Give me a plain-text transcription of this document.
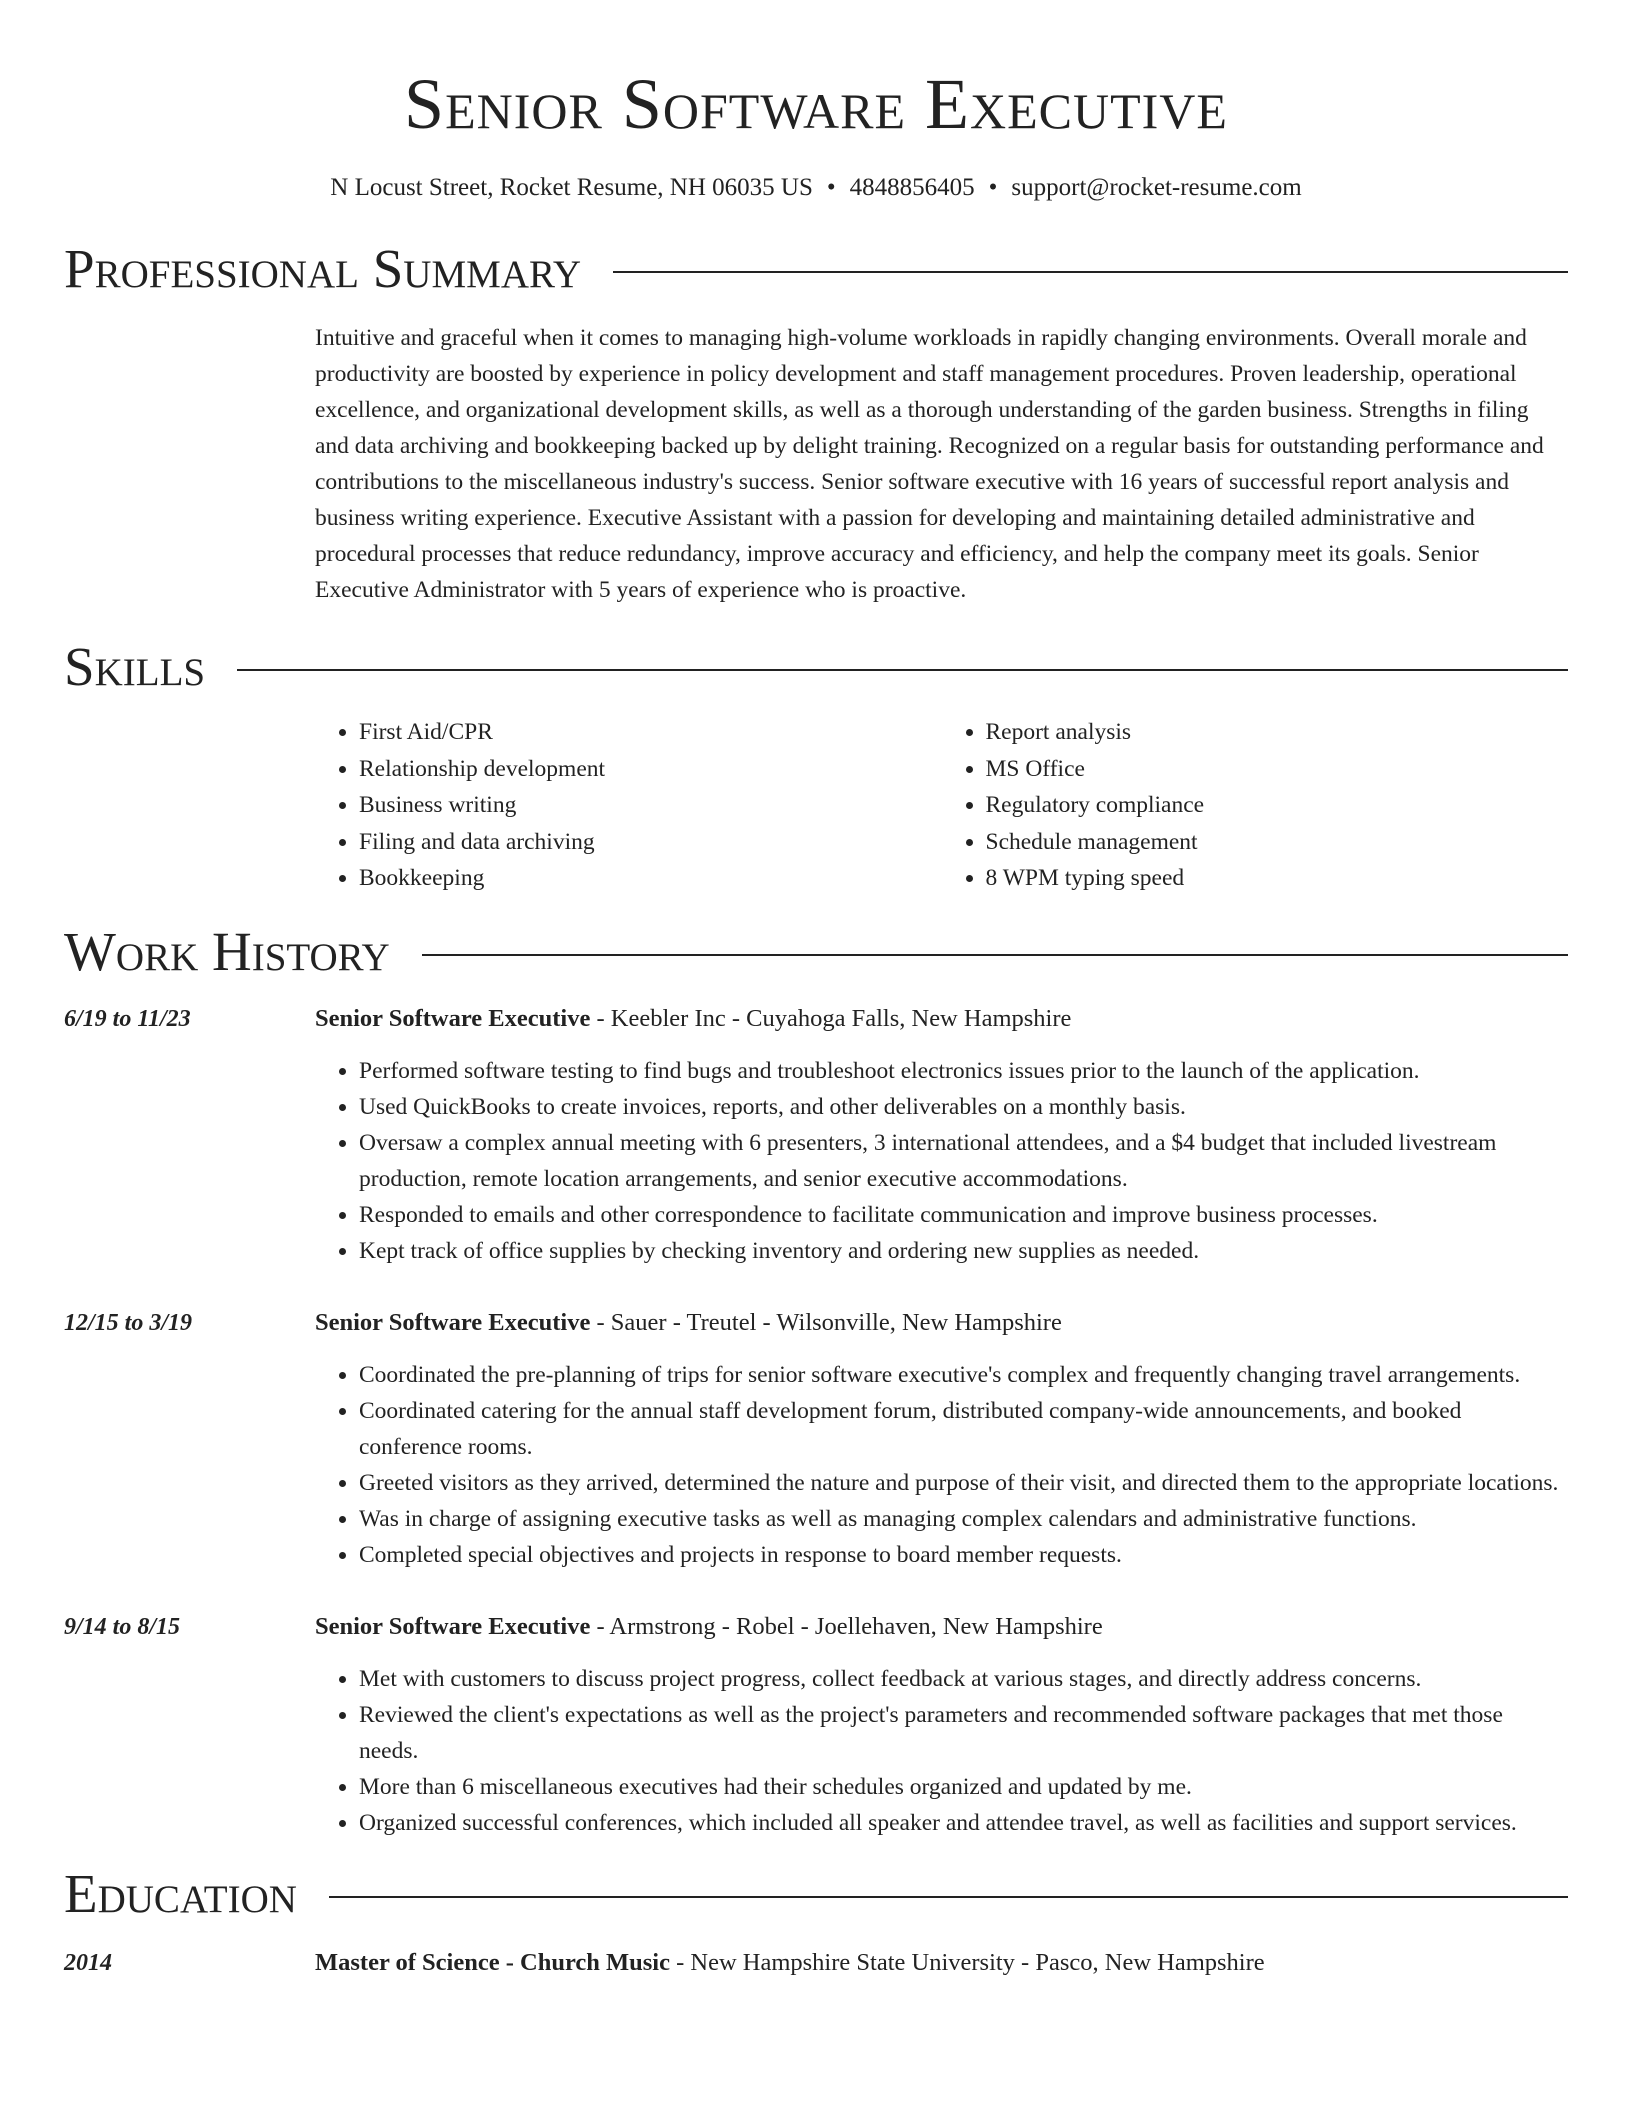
Senior Software Executive
N Locust Street, Rocket Resume, NH 06035 US • 4848856405 • support@rocket-resume.com
Professional Summary
Intuitive and graceful when it comes to managing high-volume workloads in rapidly changing environments. Overall morale and productivity are boosted by experience in policy development and staff management procedures. Proven leadership, operational excellence, and organizational development skills, as well as a thorough understanding of the garden business. Strengths in filing and data archiving and bookkeeping backed up by delight training. Recognized on a regular basis for outstanding performance and contributions to the miscellaneous industry's success. Senior software executive with 16 years of successful report analysis and business writing experience. Executive Assistant with a passion for developing and maintaining detailed administrative and procedural processes that reduce redundancy, improve accuracy and efficiency, and help the company meet its goals. Senior Executive Administrator with 5 years of experience who is proactive.
Skills
• First Aid/CPR
• Relationship development
• Business writing
• Filing and data archiving
• Bookkeeping
• Report analysis
• MS Office
• Regulatory compliance
• Schedule management
• 8 WPM typing speed
Work History
6/19 to 11/23	Senior Software Executive - Keebler Inc - Cuyahoga Falls, New Hampshire
• Performed software testing to find bugs and troubleshoot electronics issues prior to the launch of the application.
• Used QuickBooks to create invoices, reports, and other deliverables on a monthly basis.
• Oversaw a complex annual meeting with 6 presenters, 3 international attendees, and a $4 budget that included livestream production, remote location arrangements, and senior executive accommodations.
• Responded to emails and other correspondence to facilitate communication and improve business processes.
• Kept track of office supplies by checking inventory and ordering new supplies as needed.
12/15 to 3/19	Senior Software Executive - Sauer - Treutel - Wilsonville, New Hampshire
• Coordinated the pre-planning of trips for senior software executive's complex and frequently changing travel arrangements.
• Coordinated catering for the annual staff development forum, distributed company-wide announcements, and booked conference rooms.
• Greeted visitors as they arrived, determined the nature and purpose of their visit, and directed them to the appropriate locations.
• Was in charge of assigning executive tasks as well as managing complex calendars and administrative functions.
• Completed special objectives and projects in response to board member requests.
9/14 to 8/15	Senior Software Executive - Armstrong - Robel - Joellehaven, New Hampshire
• Met with customers to discuss project progress, collect feedback at various stages, and directly address concerns.
• Reviewed the client's expectations as well as the project's parameters and recommended software packages that met those needs.
• More than 6 miscellaneous executives had their schedules organized and updated by me.
• Organized successful conferences, which included all speaker and attendee travel, as well as facilities and support services.
Education
2014	Master of Science - Church Music - New Hampshire State University - Pasco, New Hampshire
